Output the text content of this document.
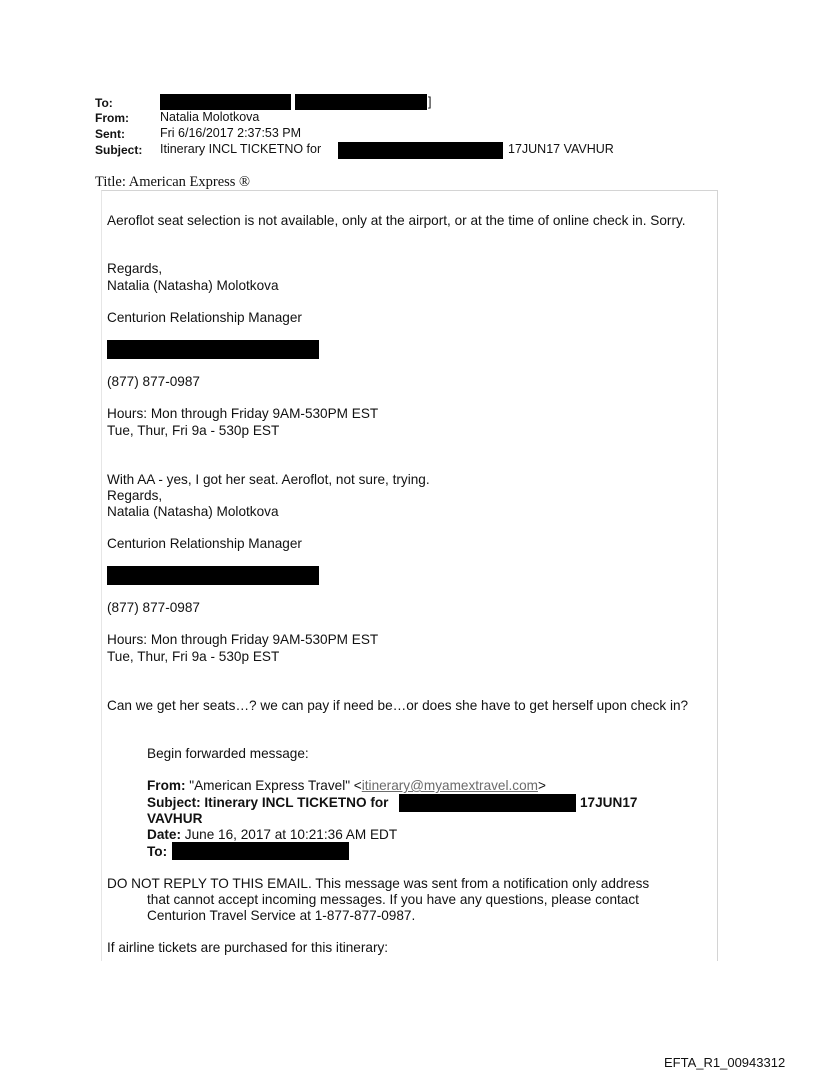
To:	]
From: Natalia Molotkova
Sent:	Fri 6/16/2017 2:37:53 PM
Subject: Itinerary INCL TICKETNO for	17JUN17 VAVHUR
Title: American Express ®
Aeroflot seat selection is not available, only at the airport, or at the time of online check in. Sorry.
Regards,
Natalia (Natasha) Molotkova
Centurion Relationship Manager
(877) 877-0987
Hours: Mon through Friday 9AM-530PM EST
Tue, Thur, Fri 9a - 530p EST
With AA - yes, I got her seat. Aeroflot, not sure, trying.
Regards,
Natalia (Natasha) Molotkova
Centurion Relationship Manager
(877) 877-0987
Hours: Mon through Friday 9AM-530PM EST
Tue, Thur, Fri 9a - 530p EST
Can we get her seats…? we can pay if need be…or does she have to get herself upon check in?
Begin forwarded message:
From: "American Express Travel" <itinerary@myamextravel.com>
Subject: Itinerary INCL TICKETNO for	17JUN17
VAVHUR
Date: June 16, 2017 at 10:21:36 AM EDT
To:
DO NOT REPLY TO THIS EMAIL. This message was sent from a notification only address
that cannot accept incoming messages. If you have any questions, please contact
Centurion Travel Service at 1-877-877-0987.
If airline tickets are purchased for this itinerary:
EFTA_R1_00943312
